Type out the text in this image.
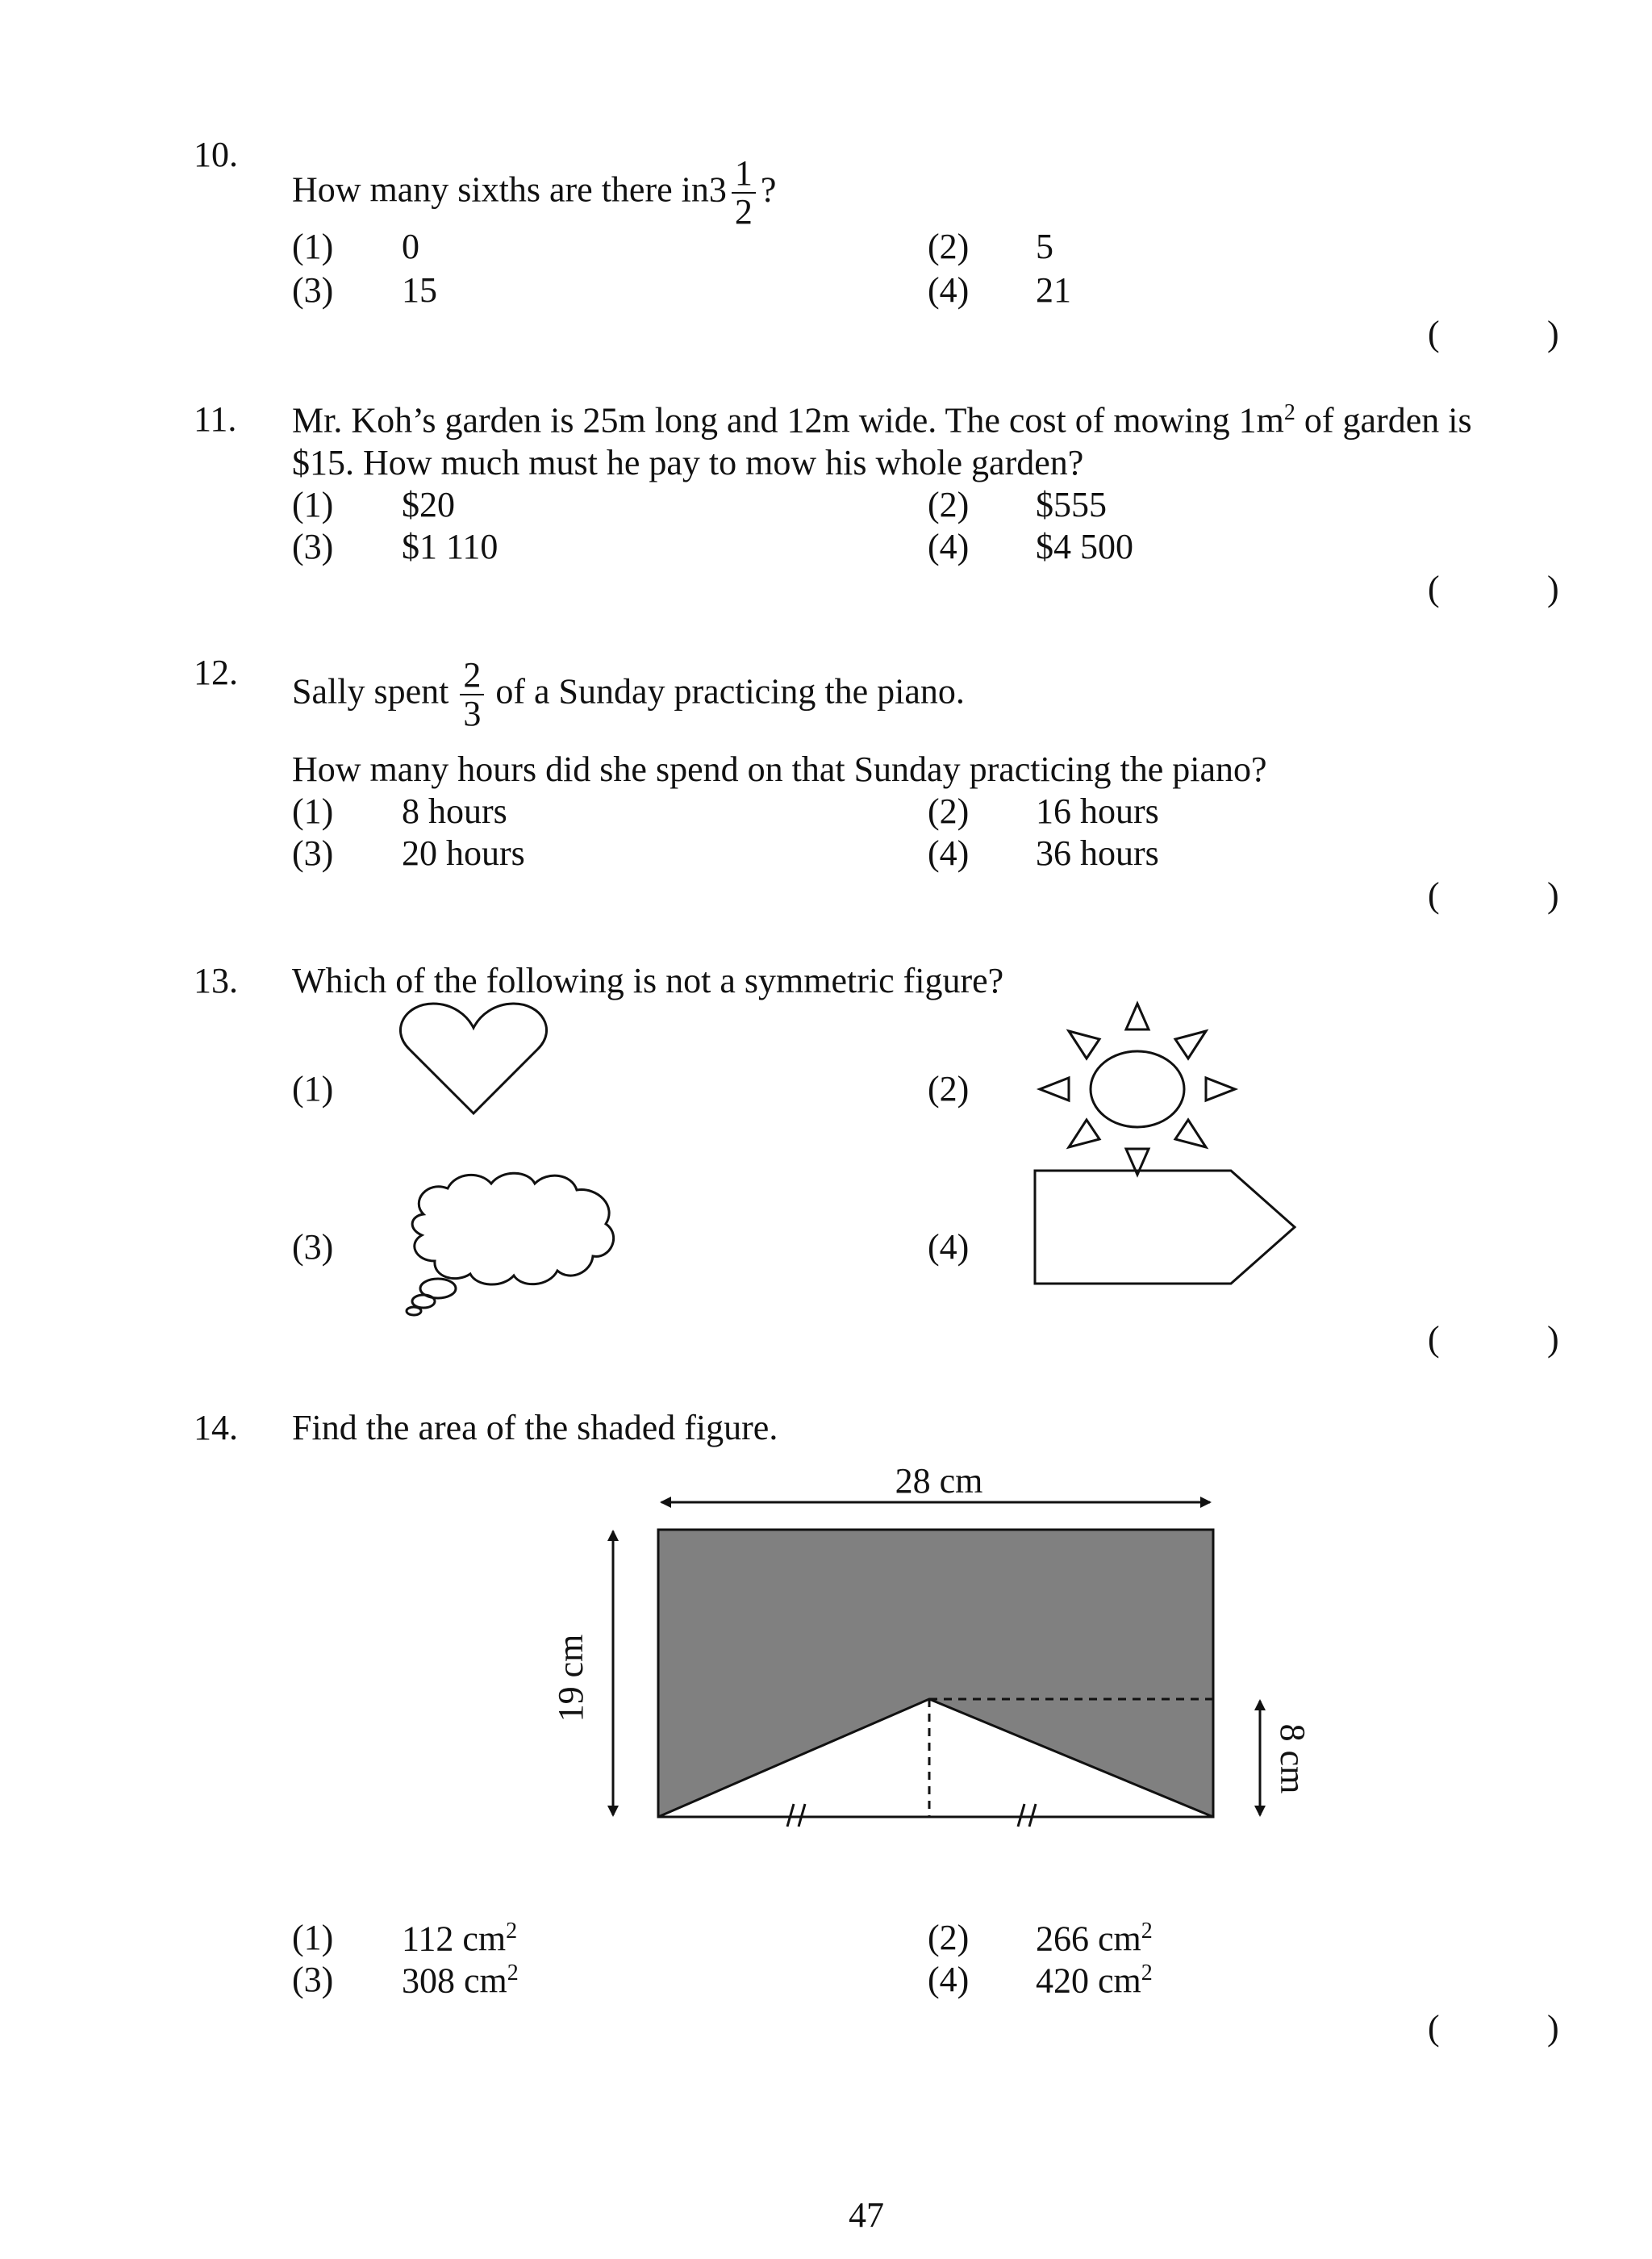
10.
How many sixths are there $in3 \frac{1}{2}$ ?
(1) 0	(2) 5
(3) 15	(4) 21
(	)
11. Mr. Koh’s garden is 25m long and 12m wide. The cost of mowing $1m^2$ of garden is
$15. How much must he pay to mow his whole garden?
(1) $20	(2) $555
(3) $1 110	(4) $4 500
(	)
12. Sally spent $\frac{2}{3}$ of a Sunday practicing the piano.
How many hours did she spend on that Sunday practicing the piano?
(1) 8 hours	(2) 16 hours
(3) 20 hours	(4) 36 hours
(	)
13. Which of the following is not a symmetric figure?
(1)	(2)
(3)	(4)
(	)
14. Find the area of the shaded figure.
28 cm
19 cm
8 cm
(1) 112 $cm^2$	(2) 266 $cm^2$
(3) 308 $cm^2$	(4) 420 $cm^2$
(	)
47
